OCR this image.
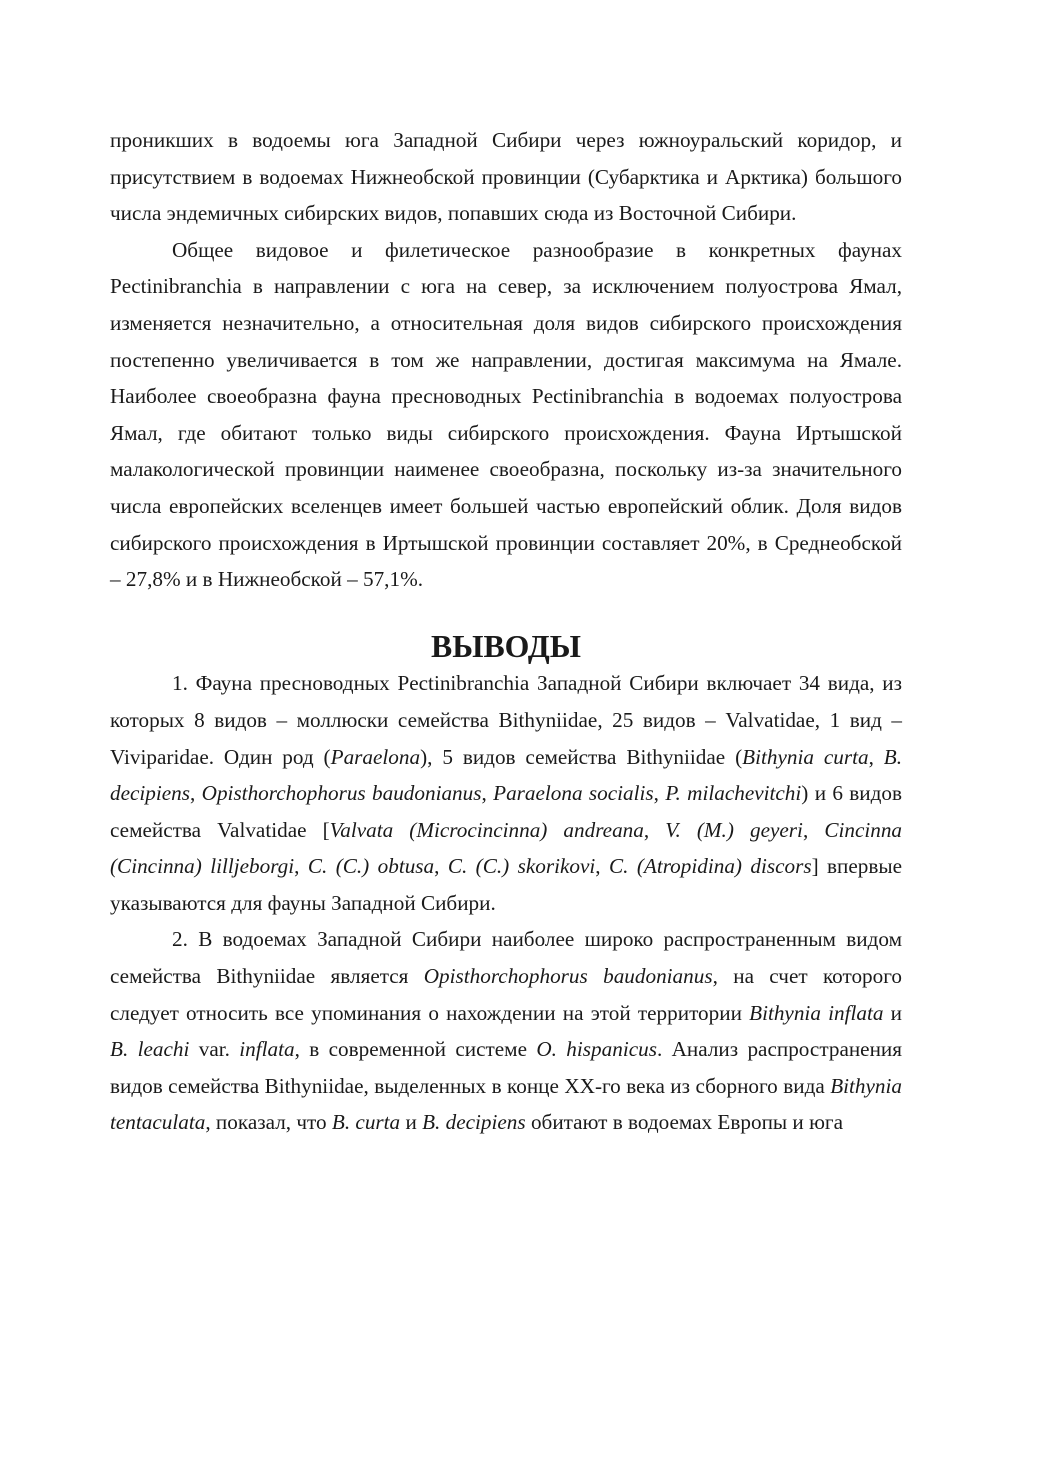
проникших в водоемы юга Западной Сибири через южноуральский коридор, и присутствием в водоемах Нижнеобской провинции (Субарктика и Арктика) большого числа эндемичных сибирских видов, попавших сюда из Восточной Сибири.

Общее видовое и филетическое разнообразие в конкретных фаунах Pectinibranchia в направлении с юга на север, за исключением полуострова Ямал, изменяется незначительно, а относительная доля видов сибирского происхождения постепенно увеличивается в том же направлении, достигая максимума на Ямале. Наиболее своеобразна фауна пресноводных Pectinibranchia в водоемах полуострова Ямал, где обитают только виды сибирского происхождения. Фауна Иртышской малакологической провинции наименее своеобразна, поскольку из-за значительного числа европейских вселенцев имеет большей частью европейский облик. Доля видов сибирского происхождения в Иртышской провинции составляет 20%, в Среднеобской – 27,8% и в Нижнеобской – 57,1%.

ВЫВОДЫ

1. Фауна пресноводных Pectinibranchia Западной Сибири включает 34 вида, из которых 8 видов – моллюски семейства Bithyniidae, 25 видов – Valvatidae, 1 вид – Viviparidae. Один род (Paraelona), 5 видов семейства Bithyniidae (Bithynia curta, B. decipiens, Opisthorchophorus baudonianus, Paraelona socialis, P. milachevitchi) и 6 видов семейства Valvatidae [Valvata (Microcincinna) andreana, V. (M.) geyeri, Cincinna (Cincinna) lilljeborgi, C. (C.) obtusa, C. (C.) skorikovi, C. (Atropidina) discors] впервые указываются для фауны Западной Сибири.

2. В водоемах Западной Сибири наиболее широко распространенным видом семейства Bithyniidae является Opisthorchophorus baudonianus, на счет которого следует относить все упоминания о нахождении на этой территории Bithynia inflata и B. leachi var. inflata, в современной системе O. hispanicus. Анализ распространения видов семейства Bithyniidae, выделенных в конце XX-го века из сборного вида Bithynia tentaculata, показал, что B. curta и B. decipiens обитают в водоемах Европы и юга
